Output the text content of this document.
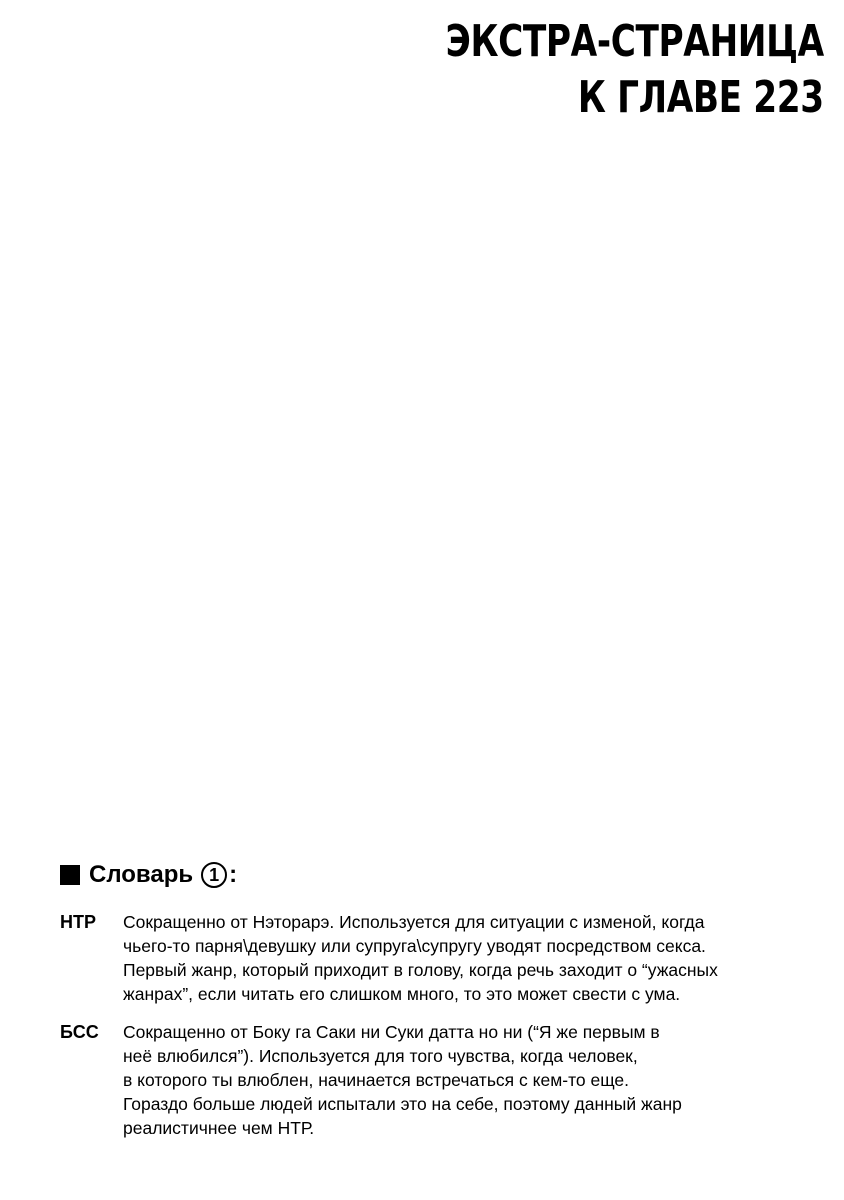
ЭКСТРА-СТРАНИЦА
К ГЛАВЕ 223
Словарь 1 :
НТР	Сокращенно от Нэторарэ. Используется для ситуации с изменой, когда
чьего-то парня\девушку или супруга\супругу уводят посредством секса.
Первый жанр, который приходит в голову, когда речь заходит о “ужасных
жанрах”, если читать его слишком много, то это может свести с ума.
БСС	Сокращенно от Боку га Саки ни Суки датта но ни (“Я же первым в
неё влюбился”). Используется для того чувства, когда человек,
в которого ты влюблен, начинается встречаться с кем-то еще.
Гораздо больше людей испытали это на себе, поэтому данный жанр
реалистичнее чем НТР.
